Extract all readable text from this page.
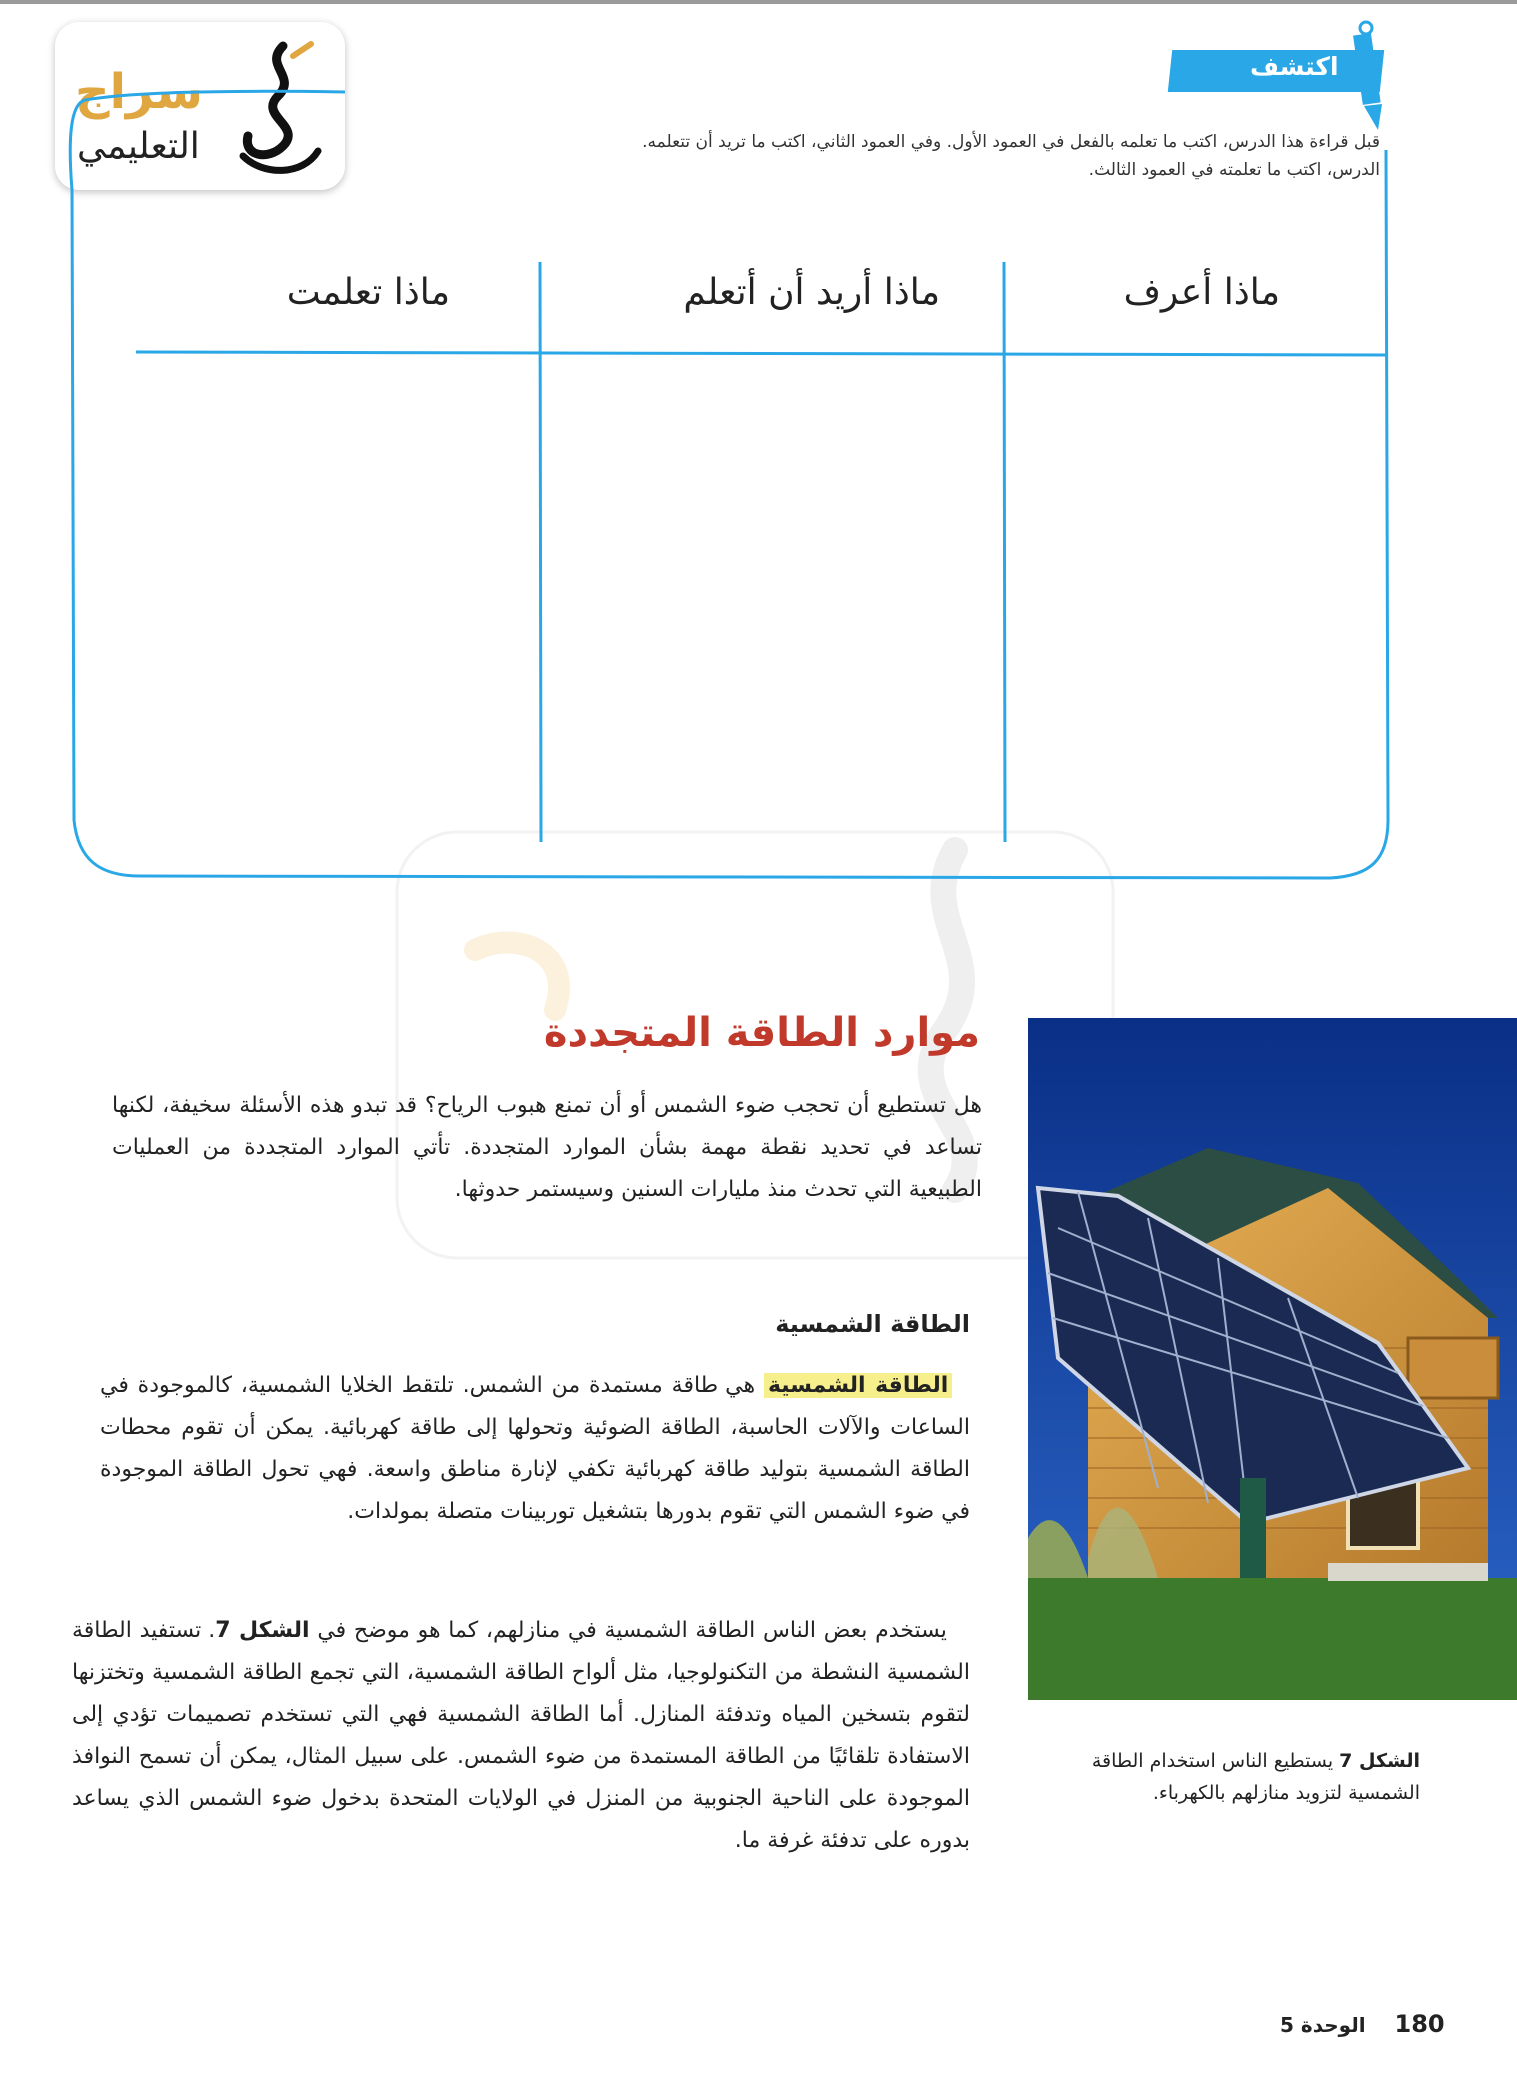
سراج
التعليمي
اكتشف

قبل قراءة هذا الدرس، اكتب ما تعلمه بالفعل في العمود الأول. وفي العمود الثاني، اكتب ما تريد أن تتعلمه.

الدرس، اكتب ما تعلمته في العمود الثالث.

ماذا أعرف
ماذا أريد أن أتعلم
ماذا تعلمت
موارد الطاقة المتجددة

هل تستطيع أن تحجب ضوء الشمس أو أن تمنع هبوب الرياح؟ قد تبدو هذه الأسئلة سخيفة، لكنها تساعد في تحديد نقطة مهمة بشأن الموارد المتجددة. تأتي الموارد المتجددة من العمليات الطبيعية التي تحدث منذ مليارات السنين وسيستمر حدوثها.

الطاقة الشمسية

الطاقة الشمسية هي طاقة مستمدة من الشمس. تلتقط الخلايا الشمسية، كالموجودة في الساعات والآلات الحاسبة، الطاقة الضوئية وتحولها إلى طاقة كهربائية. يمكن أن تقوم محطات الطاقة الشمسية بتوليد طاقة كهربائية تكفي لإنارة مناطق واسعة. فهي تحول الطاقة الموجودة في ضوء الشمس التي تقوم بدورها بتشغيل توربينات متصلة بمولدات.

يستخدم بعض الناس الطاقة الشمسية في منازلهم، كما هو موضح في الشكل 7. تستفيد الطاقة الشمسية النشطة من التكنولوجيا، مثل ألواح الطاقة الشمسية، التي تجمع الطاقة الشمسية وتختزنها لتقوم بتسخين المياه وتدفئة المنازل. أما الطاقة الشمسية فهي التي تستخدم تصميمات تؤدي إلى الاستفادة تلقائيًا من الطاقة المستمدة من ضوء الشمس. على سبيل المثال، يمكن أن تسمح النوافذ الموجودة على الناحية الجنوبية من المنزل في الولايات المتحدة بدخول ضوء الشمس الذي يساعد بدوره على تدفئة غرفة ما.

الشكل 7 يستطيع الناس استخدام الطاقة الشمسية لتزويد منازلهم بالكهرباء.
180 الوحدة 5
